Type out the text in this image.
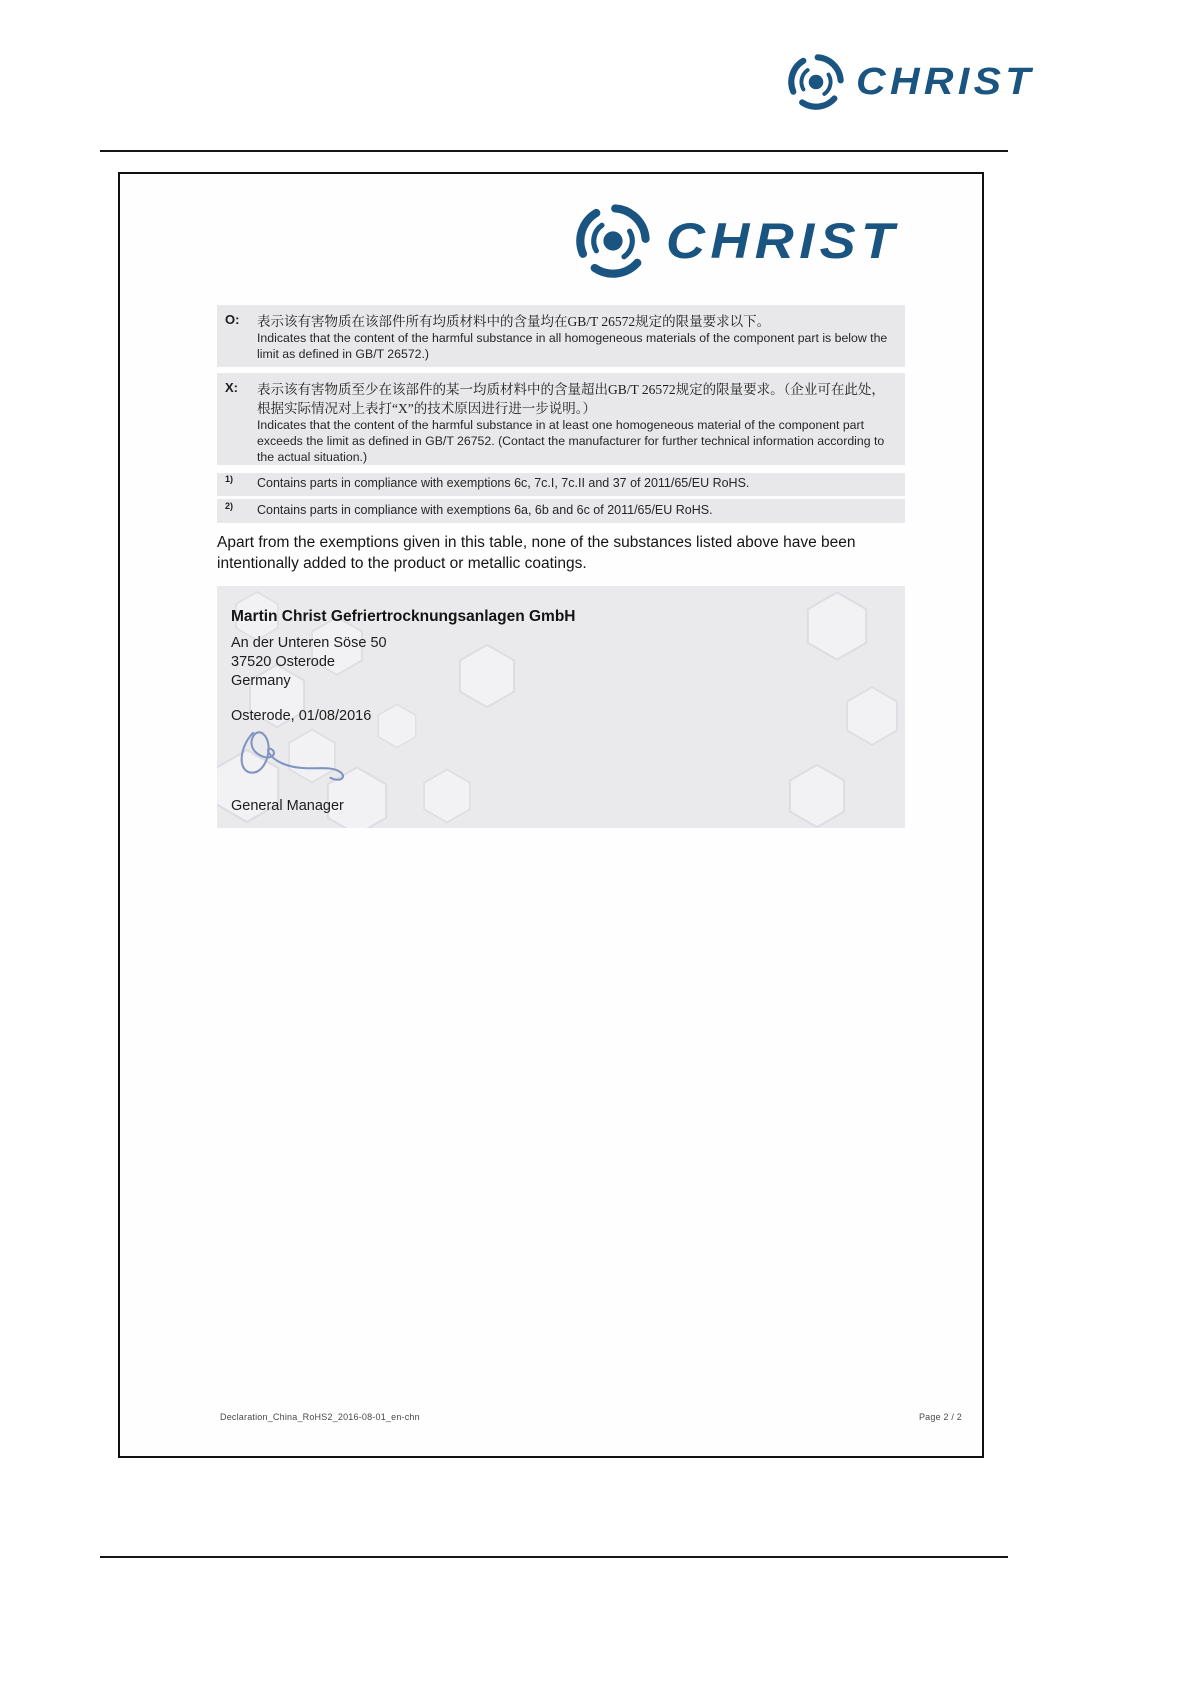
CHRIST
CHRIST
O:	表示该有害物质在该部件所有均质材料中的含量均在GB/T 26572规定的限量要求以下。

Indicates that the content of the harmful substance in all homogeneous materials of the component part is below the limit as defined in GB/T 26572.)

X:	表示该有害物质至少在该部件的某一均质材料中的含量超出GB/T 26572规定的限量要求。（企业可在此处，根据实际情况对上表打“X”的技术原因进行进一步说明。）

Indicates that the content of the harmful substance in at least one homogeneous material of the component part exceeds the limit as defined in GB/T 26752. (Contact the manufacturer for further technical information according to the actual situation.)

1)	Contains parts in compliance with exemptions 6c, 7c.I, 7c.II and 37 of 2011/65/EU RoHS.
2)	Contains parts in compliance with exemptions 6a, 6b and 6c of 2011/65/EU RoHS.

Apart from the exemptions given in this table, none of the substances listed above have been intentionally added to the product or metallic coatings.

Martin Christ Gefriertrocknungsanlagen GmbH
An der Unteren Söse 50
37520 Osterode
Germany

Osterode, 01/08/2016

General Manager

Declaration_China_RoHS2_2016-08-01_en-chn	Page 2 / 2
